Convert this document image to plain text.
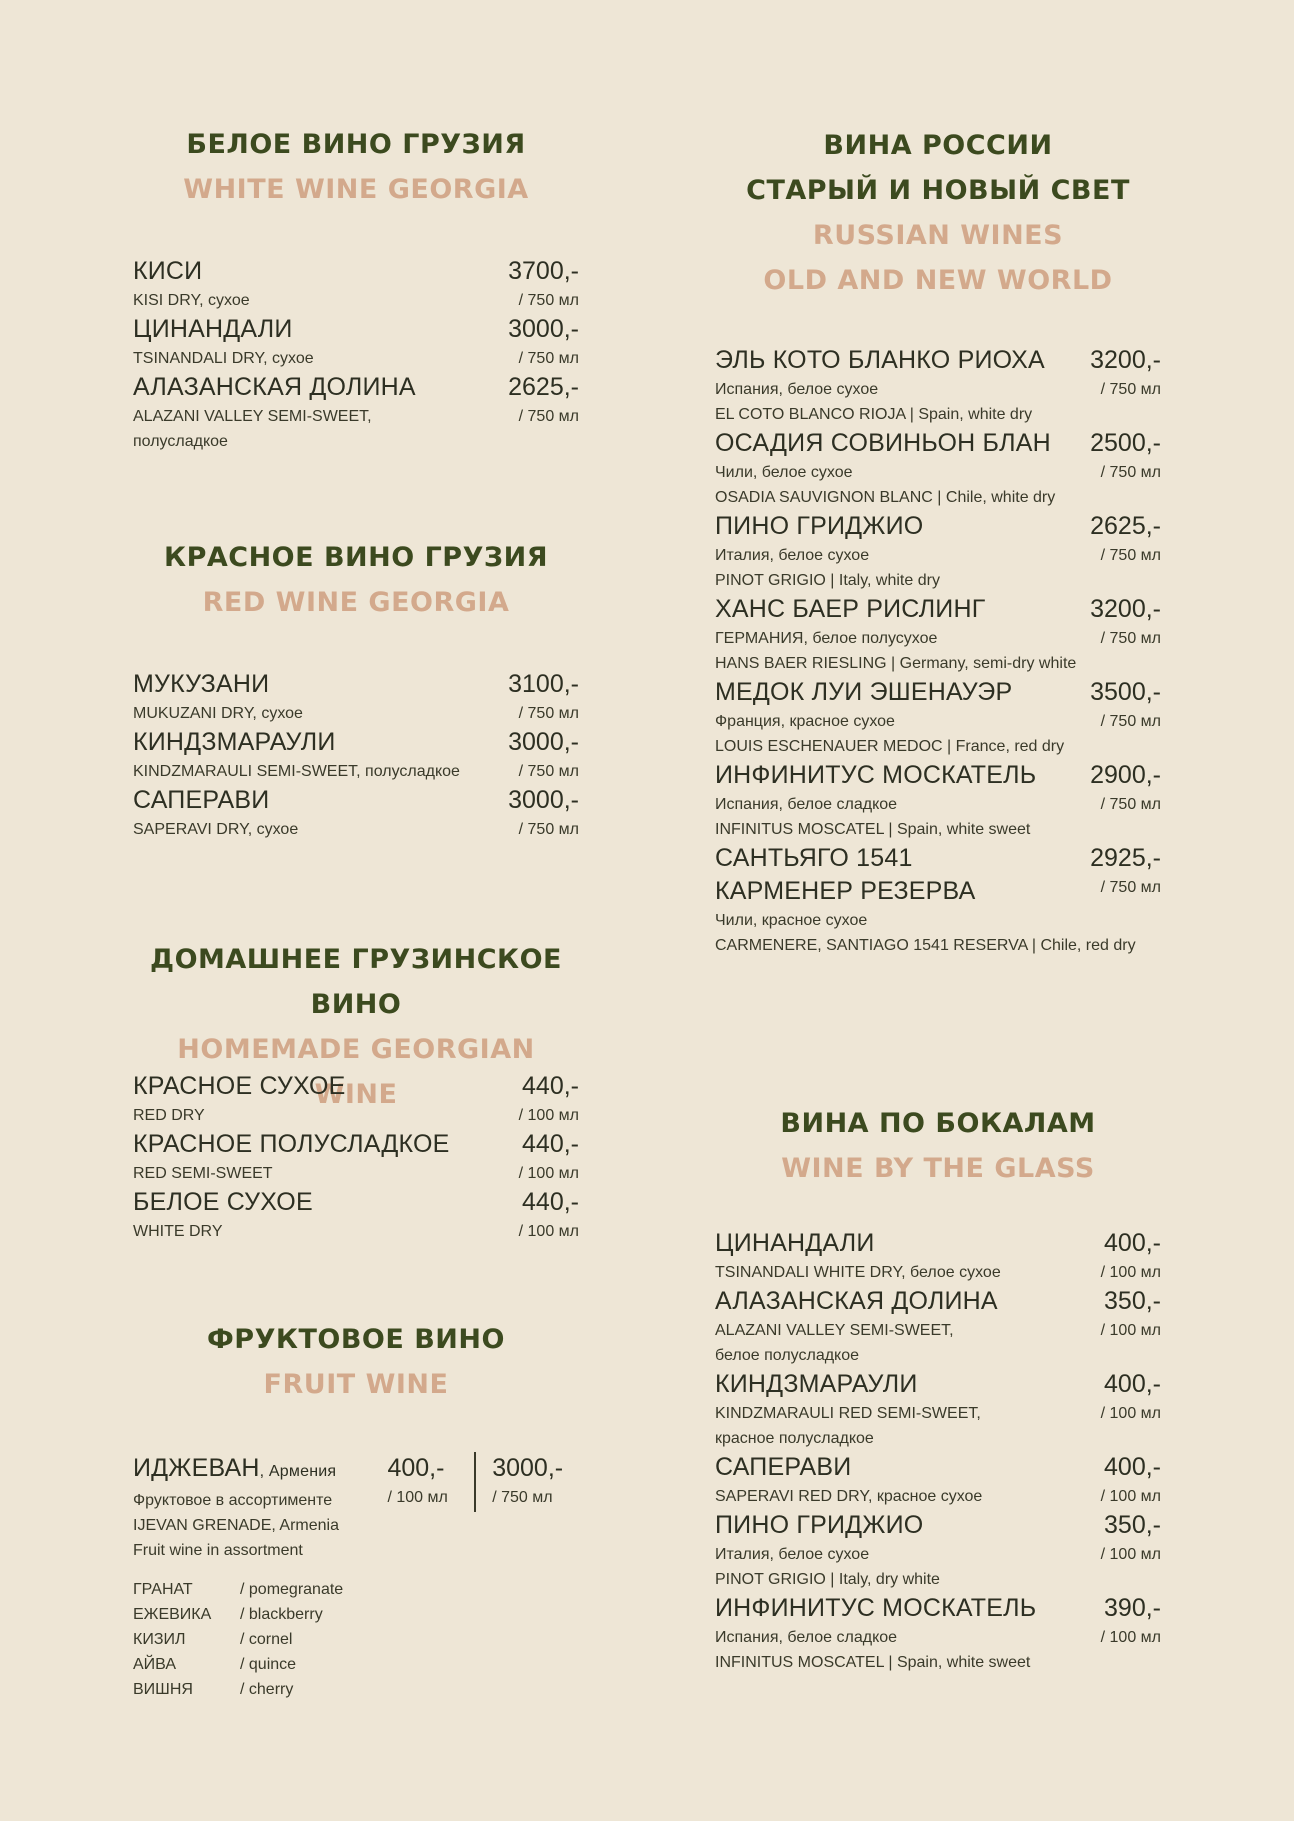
БЕЛОЕ ВИНО ГРУЗИЯ
WHITE WINE GEORGIA
КИСИ	3700,-
KISI DRY, сухое	/ 750 мл
ЦИНАНДАЛИ	3000,-
TSINANDALI DRY, сухое	/ 750 мл
АЛАЗАНСКАЯ ДОЛИНА	2625,-
ALAZANI VALLEY SEMI-SWEET,	/ 750 мл
полусладкое
КРАСНОЕ ВИНО ГРУЗИЯ
RED WINE GEORGIA
МУКУЗАНИ	3100,-
MUKUZANI DRY, сухое	/ 750 мл
КИНДЗМАРАУЛИ	3000,-
KINDZMARAULI SEMI-SWEET, полусладкое	/ 750 мл
САПЕРАВИ	3000,-
SAPERAVI DRY, сухое	/ 750 мл
ДОМАШНЕЕ ГРУЗИНСКОЕ ВИНО
HOMEMADE GEORGIAN WINE
КРАСНОЕ СУХОЕ	440,-
RED DRY	/ 100 мл
КРАСНОЕ ПОЛУСЛАДКОЕ	440,-
RED SEMI-SWEET	/ 100 мл
БЕЛОЕ СУХОЕ	440,-
WHITE DRY	/ 100 мл
ФРУКТОВОЕ ВИНО
FRUIT WINE
ИДЖЕВАН, Армения
Фруктовое в ассортименте
IJEVAN GRENADE, Armenia
Fruit wine in assortment
400,-
/ 100 мл
3000,-
/ 750 мл
ГРАНАТ	/ pomegranate
ЕЖЕВИКА	/ blackberry
КИЗИЛ	/ cornel
АЙВА	/ quince
ВИШНЯ	/ cherry
ВИНА РОССИИ
СТАРЫЙ И НОВЫЙ СВЕТ
RUSSIAN WINES
OLD AND NEW WORLD
ЭЛЬ КОТО БЛАНКО РИОХА 3200,-
Испания, белое сухое	/ 750 мл
EL COTO BLANCO RIOJA | Spain, white dry
ОСАДИЯ СОВИНЬОН БЛАН 2500,-
Чили, белое сухое	/ 750 мл
OSADIA SAUVIGNON BLANC | Chile, white dry
ПИНО ГРИДЖИО	2625,-
Италия, белое сухое	/ 750 мл
PINOT GRIGIO | Italy, white dry
ХАНС БАЕР РИСЛИНГ	3200,-
ГЕРМАНИЯ, белое полусухое	/ 750 мл
HANS BAER RIESLING | Germany, semi-dry white
МЕДОК ЛУИ ЭШЕНАУЭР	3500,-
Франция, красное сухое	/ 750 мл
LOUIS ESCHENAUER MEDOC | France, red dry
ИНФИНИТУС МОСКАТЕЛЬ 2900,-
Испания, белое сладкое	/ 750 мл
INFINITUS MOSCATEL | Spain, white sweet
САНТЬЯГО 1541	2925,-
КАРМЕНЕР РЕЗЕРВА	/ 750 мл
Чили, красное сухое
CARMENERE, SANTIAGO 1541 RESERVA | Chile, red dry
ВИНА ПО БОКАЛАМ
WINE BY THE GLASS
ЦИНАНДАЛИ	400,-
TSINANDALI WHITE DRY, белое сухое	/ 100 мл
АЛАЗАНСКАЯ ДОЛИНА	350,-
ALAZANI VALLEY SEMI-SWEET,	/ 100 мл
белое полусладкое
КИНДЗМАРАУЛИ	400,-
KINDZMARAULI RED SEMI-SWEET,	/ 100 мл
красное полусладкое
САПЕРАВИ	400,-
SAPERAVI RED DRY, красное сухое	/ 100 мл
ПИНО ГРИДЖИО	350,-
Италия, белое сухое	/ 100 мл
PINOT GRIGIO | Italy, dry white
ИНФИНИТУС МОСКАТЕЛЬ	390,-
Испания, белое сладкое	/ 100 мл
INFINITUS MOSCATEL | Spain, white sweet
